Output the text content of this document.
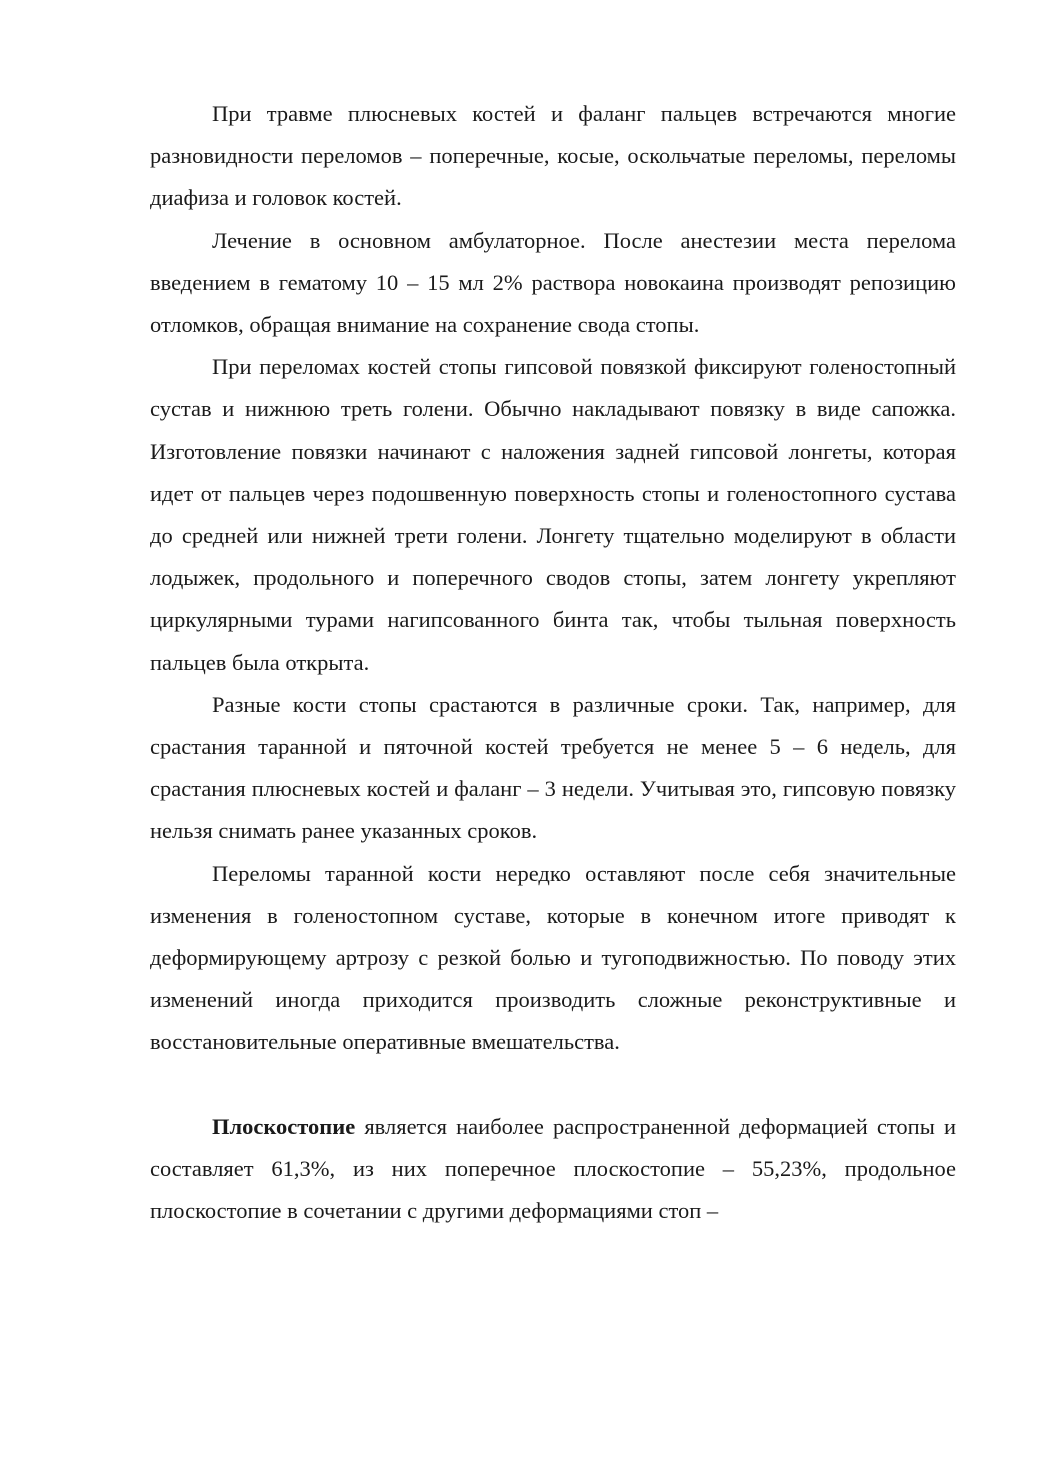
При травме плюсневых костей и фаланг пальцев встречаются многие разновидности переломов – поперечные, косые, оскольчатые переломы, переломы диафиза и головок костей.

Лечение в основном амбулаторное. После анестезии места перелома введением в гематому 10 – 15 мл 2% раствора новокаина производят репозицию отломков, обращая внимание на сохранение свода стопы.

При переломах костей стопы гипсовой повязкой фиксируют голеностопный сустав и нижнюю треть голени. Обычно накладывают повязку в виде сапожка. Изготовление повязки начинают с наложения задней гипсовой лонгеты, которая идет от пальцев через подошвенную поверхность стопы и голеностопного сустава до средней или нижней трети голени. Лонгету тщательно моделируют в области лодыжек, продольного и поперечного сводов стопы, затем лонгету укрепляют циркулярными турами нагипсованного бинта так, чтобы тыльная поверхность пальцев была открыта.

Разные кости стопы срастаются в различные сроки. Так, например, для срастания таранной и пяточной костей требуется не менее 5 – 6 недель, для срастания плюсневых костей и фаланг – 3 недели. Учитывая это, гипсовую повязку нельзя снимать ранее указанных сроков.

Переломы таранной кости нередко оставляют после себя значительные изменения в голеностопном суставе, которые в конечном итоге приводят к деформирующему артрозу с резкой болью и тугоподвижностью. По поводу этих изменений иногда приходится производить сложные реконструктивные и восстановительные оперативные вмешательства.

Плоскостопие является наиболее распространенной деформацией стопы и составляет 61,3%, из них поперечное плоскостопие – 55,23%, продольное плоскостопие в сочетании с другими деформациями стоп –
